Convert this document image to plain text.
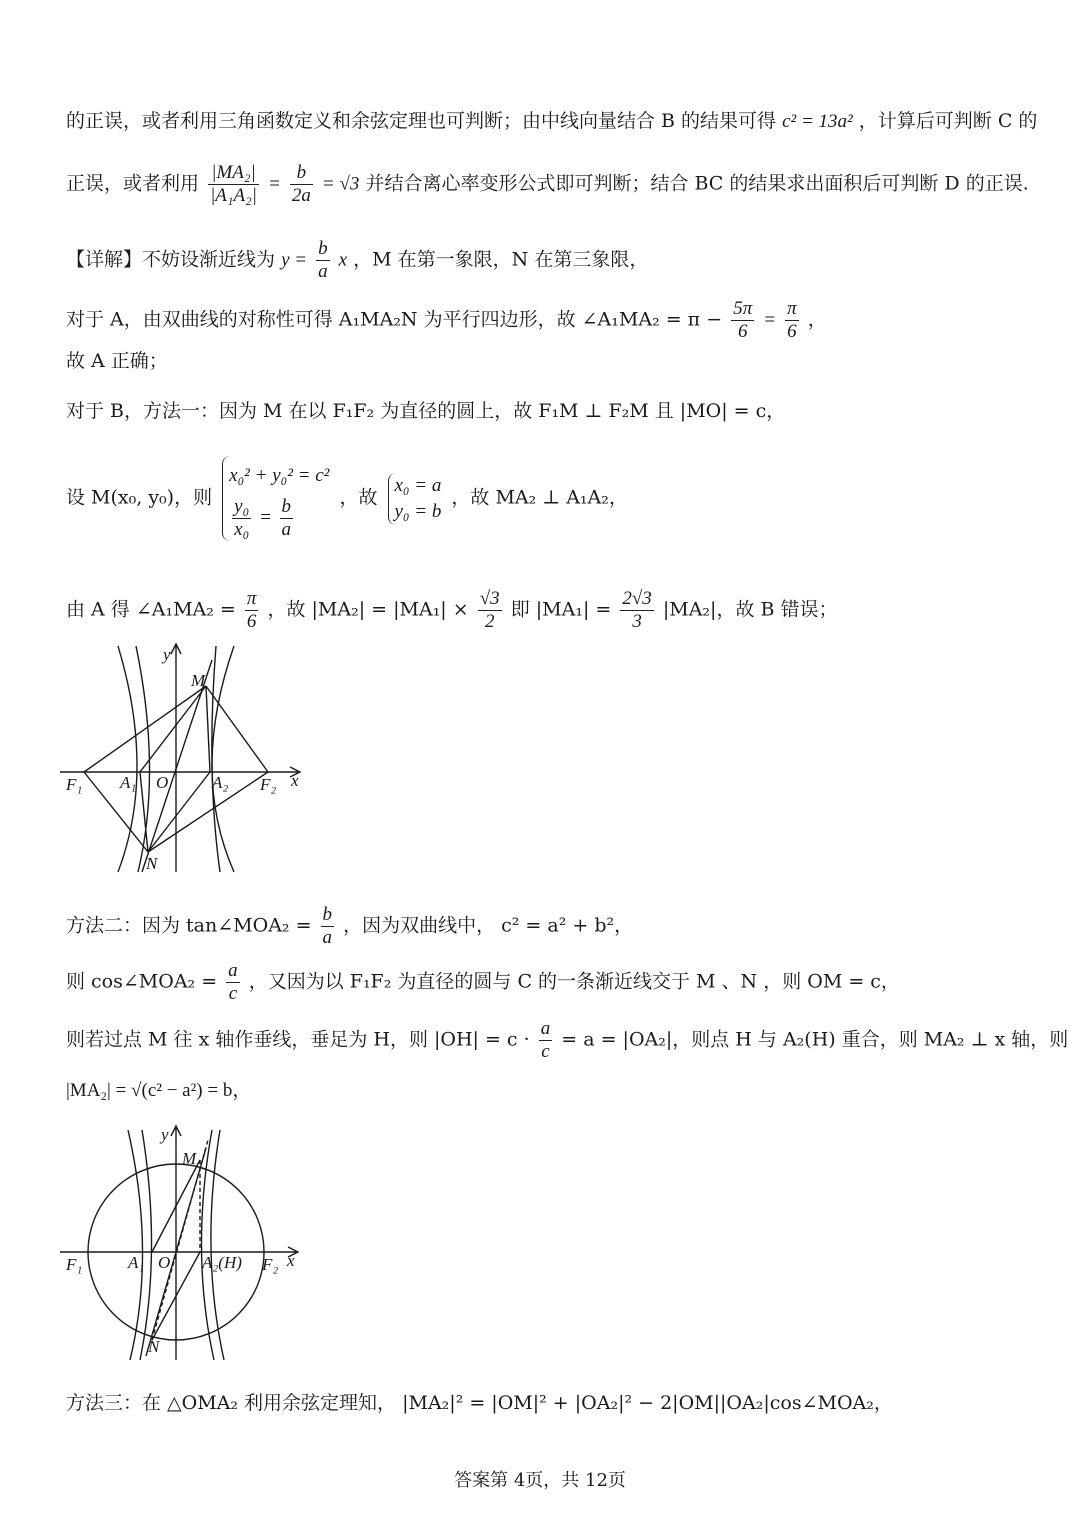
的正误，或者利用三角函数定义和余弦定理也可判断；由中线向量结合 B 的结果可得 c² = 13a² ，计算后可判断 C 的
正误，或者利用 $\frac{\text{|MA₂|}}{\text{|A₁A₂|}} = \frac{b}{2a} = √3$ 并结合离心率变形公式即可判断；结合 BC 的结果求出面积后可判断 D 的正误.
【详解】不妨设渐近线为 $y = \frac{b}{a}$ x ，M 在第一象限，N 在第三象限，
对于 A，由双曲线的对称性可得 A₁MA₂N 为平行四边形，故 ∠A₁MA₂ = $\pi - \frac{5\pi}{6} = \frac{\pi}{6}$ ，
故 A 正确；
对于 B，方法一：因为 M 在以 F₁F₂ 为直径的圆上，故 F₁M ⊥ F₂M 且 |MO| = c，
设 M(x₀, y₀)，则
x₀² + y₀² = c²
$\frac{\text{y₀}}{\text{x₀}} = \frac{b}{a}$ ，故
x₀ = a
y₀ = b
，故 MA₂ ⊥ A₁A₂，
由 A 得 ∠A₁MA₂ = $\frac{\pi}{6}$ ，故 $|MA_2| = |MA_1| \times \frac{√3}{2}$ 即 $|MA_1| = \frac{2√3}{3} |MA_2|$，故 B 错误；
y
x
M
N
O
F₁	F₂
A₁	A₂
方法二：因为 tan∠MOA₂ = $\frac{b}{a}$ ，因为双曲线中， c² = a² + b²，
则 cos∠MOA₂ = $\frac{a}{c}$ ，又因为以 F₁F₂ 为直径的圆与 C 的一条渐近线交于 M 、N ，则 OM = c，
则若过点 M 往 x 轴作垂线，垂足为 H，则 $|OH| = c \cdot \frac{a}{c} = a = |OA_2|$，则点 H 与 A₂(H) 重合，则 MA₂ ⊥ x 轴，则
|MA₂| = √(c² − a²) = b，
y
x
M
N
O
F₁	F₂
A₁	A₂(H)
方法三：在 △OMA₂ 利用余弦定理知， |MA₂|² = |OM|² + |OA₂|² − 2|OM||OA₂|cos∠MOA₂，
答案第 4页，共 12页
